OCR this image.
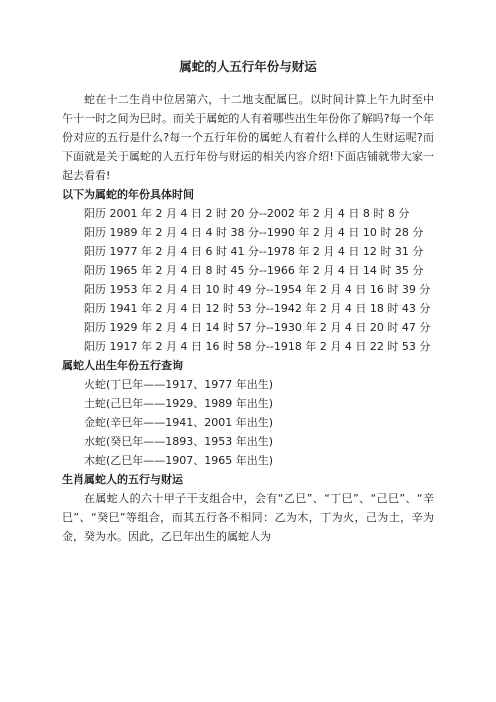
属蛇的人五行年份与财运

蛇在十二生肖中位居第六，十二地支配属巳。以时间计算上午九时至中午十一时之间为巳时。而关于属蛇的人有着哪些出生年份你了解吗?每一个年份对应的五行是什么?每一个五行年份的属蛇人有着什么样的人生财运呢?而下面就是关于属蛇的人五行年份与财运的相关内容介绍!下面店铺就带大家一起去看看!

以下为属蛇的年份具体时间

阳历 2001 年 2 月 4 日 2 时 20 分--2002 年 2 月 4 日 8 时 8 分

阳历 1989 年 2 月 4 日 4 时 38 分--1990 年 2 月 4 日 10 时 28 分

阳历 1977 年 2 月 4 日 6 时 41 分--1978 年 2 月 4 日 12 时 31 分

阳历 1965 年 2 月 4 日 8 时 45 分--1966 年 2 月 4 日 14 时 35 分

阳历 1953 年 2 月 4 日 10 时 49 分--1954 年 2 月 4 日 16 时 39 分

阳历 1941 年 2 月 4 日 12 时 53 分--1942 年 2 月 4 日 18 时 43 分

阳历 1929 年 2 月 4 日 14 时 57 分--1930 年 2 月 4 日 20 时 47 分

阳历 1917 年 2 月 4 日 16 时 58 分--1918 年 2 月 4 日 22 时 53 分

属蛇人出生年份五行查询

火蛇(丁巳年——1917、1977 年出生)

土蛇(己巳年——1929、1989 年出生)

金蛇(辛巳年——1941、2001 年出生)

水蛇(癸巳年——1893、1953 年出生)

木蛇(乙巳年——1907、1965 年出生)

生肖属蛇人的五行与财运

在属蛇人的六十甲子干支组合中，会有“乙巳”、“丁巳”、“己巳”、“辛巳”、“癸巳”等组合，而其五行各不相同：乙为木，丁为火，己为土，辛为金，癸为水。因此，乙巳年出生的属蛇人为
